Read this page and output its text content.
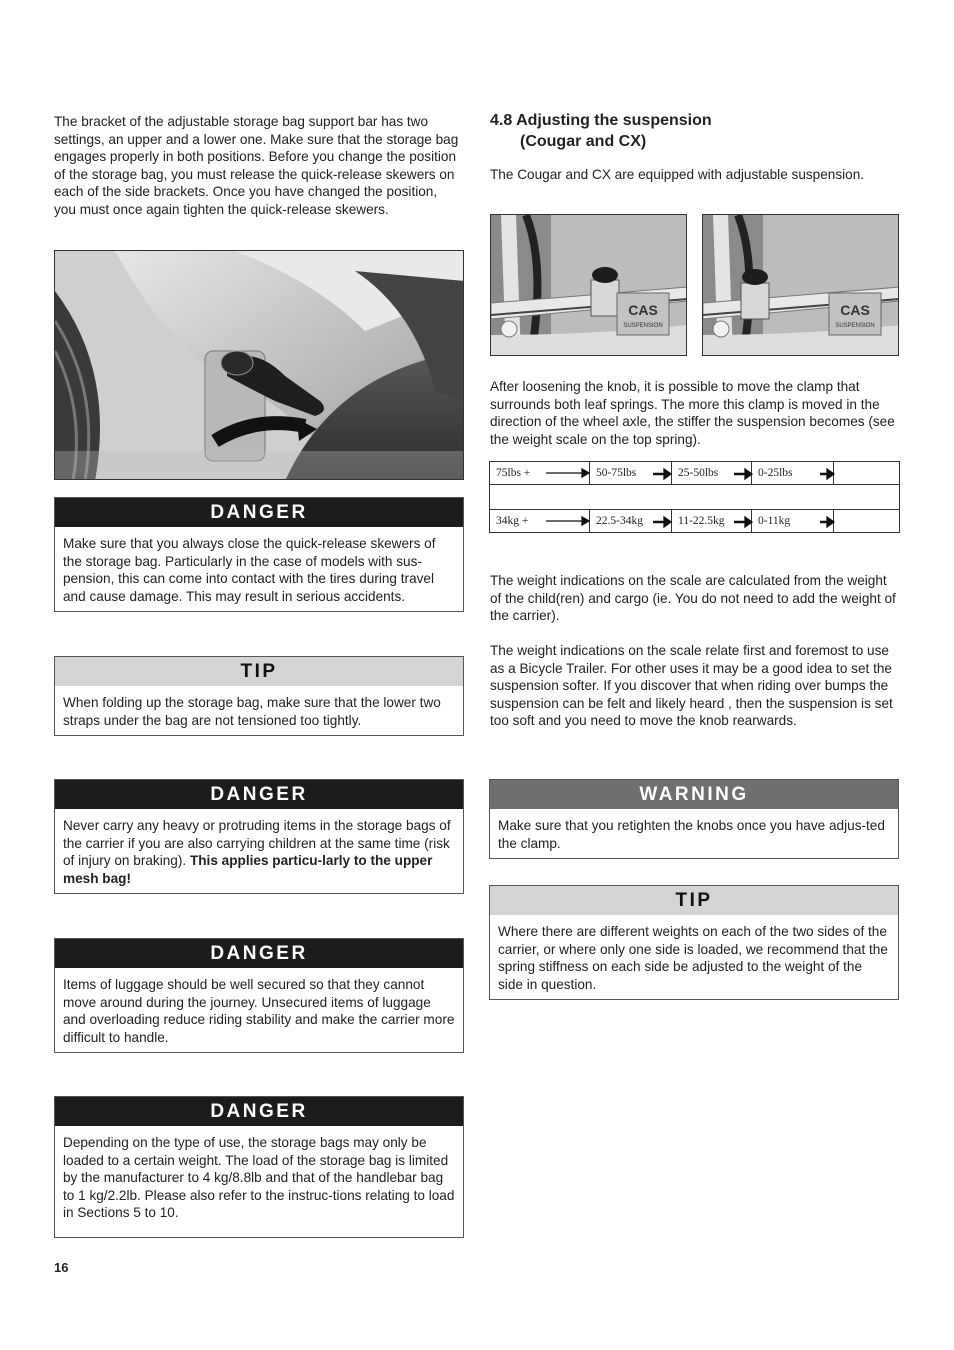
The bracket of the adjustable storage bag support bar has two settings, an upper and a lower one. Make sure that the storage bag engages properly in both positions. Before you change the position of the storage bag, you must release the quick-release skewers on each of the side brackets. Once you have changed the position, you must once again tighten the quick-release skewers.

DANGER
Make sure that you always close the quick-release skewers of the storage bag. Particularly in the case of models with sus-pension, this can come into contact with the tires during travel and cause damage. This may result in serious accidents.
TIP
When folding up the storage bag, make sure that the lower two straps under the bag are not tensioned too tightly.
DANGER
Never carry any heavy or protruding items in the storage bags of the carrier if you are also carrying children at the same time (risk of injury on braking). This applies particu-larly to the upper mesh bag!
DANGER
Items of luggage should be well secured so that they cannot move around during the journey. Unsecured items of luggage and overloading reduce riding stability and make the carrier more difficult to handle.
DANGER
Depending on the type of use, the storage bags may only be loaded to a certain weight. The load of the storage bag is limited by the manufacturer to 4 kg/8.8lb and that of the handlebar bag to 1 kg/2.2lb. Please also refer to the instruc-tions relating to load in Sections 5 to 10.
16
4.8 Adjusting the suspension
(Cougar and CX)

The Cougar and CX are equipped with adjustable suspension.

CAS
SUSPENSION
CAS
SUSPENSION

After loosening the knob, it is possible to move the clamp that surrounds both leaf springs. The more this clamp is moved in the direction of the wheel axle, the stiffer the suspension becomes (see the weight scale on the top spring).

75lbs +	50-75lbs	25-50lbs	0-25lbs
34kg +	22.5-34kg	11-22.5kg	0-11kg

The weight indications on the scale are calculated from the weight of the child(ren) and cargo (ie. You do not need to add the weight of the carrier).

The weight indications on the scale relate first and foremost to use as a Bicycle Trailer. For other uses it may be a good idea to set the suspension softer. If you discover that when riding over bumps the suspension can be felt and likely heard , then the suspension is set too soft and you need to move the knob rearwards.

WARNING
Make sure that you retighten the knobs once you have adjus-ted the clamp.
TIP
Where there are different weights on each of the two sides of the carrier, or where only one side is loaded, we recommend that the spring stiffness on each side be adjusted to the weight of the side in question.
